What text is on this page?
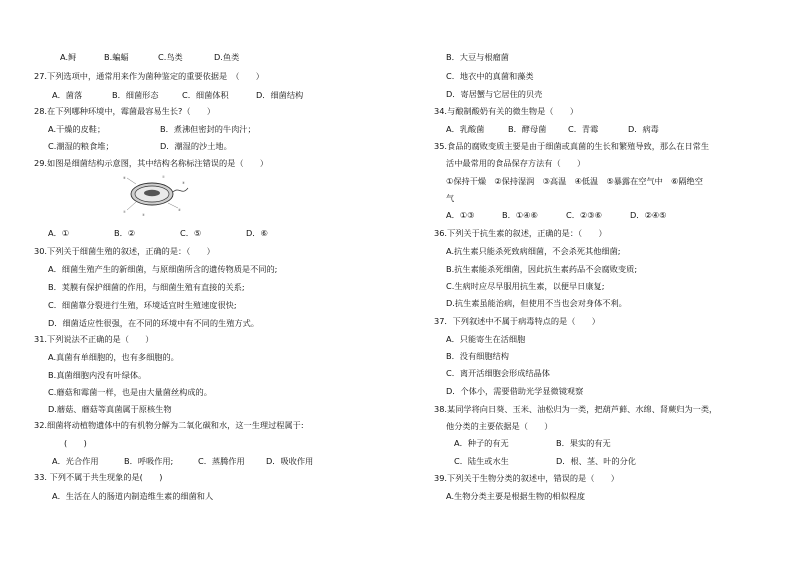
A.鲟	B.蝙蝠	C.鸟类	D.鱼类
27.下列选项中，通常用来作为菌种鉴定的重要依据是　（　　）
A．菌落	B．细菌形态	C．细菌体积	D．细菌结构
28.在下列哪种环境中，霉菌最容易生长?（　　）
A.干燥的皮鞋；	B．煮沸但密封的牛肉汁；
C.潮湿的粮食堆；	D．潮湿的沙土地。
29.如图是细菌结构示意图，其中结构名称标注错误的是（　　）
⑥	①
②
③
④
⑤
A．①	B．②	C．⑤	D．⑥
30.下列关于细菌生殖的叙述，正确的是：（　　）
A．细菌生殖产生的新细菌，与原细菌所含的遗传物质是不同的;
B．荚膜有保护细菌的作用，与细菌生殖有直接的关系;
C．细菌靠分裂进行生殖，环境适宜时生殖速度很快;
D．细菌适应性很强，在不同的环境中有不同的生殖方式。
31.下列说法不正确的是（　　）
A.真菌有单细胞的，也有多细胞的。
B.真菌细胞内没有叶绿体。
C.蘑菇和霉菌一样，也是由大量菌丝构成的。
D.蘑菇、蘑菇等真菌属于原核生物
32.细菌将动植物遗体中的有机物分解为二氧化碳和水，这一生理过程属于:
(　　)
A．光合作用	B．呼吸作用;	C．蒸腾作用	D．吸收作用
33. 下列不属于共生现象的是(　　)
A．生活在人的肠道内制造维生素的细菌和人
B．大豆与根瘤菌
C．地衣中的真菌和藻类
D．寄居蟹与它居住的贝壳
34.与酿制酸奶有关的微生物是（　　）
A．乳酸菌	B．酵母菌	C．青霉	D．病毒
35.食品的腐败变质主要是由于细菌或真菌的生长和繁殖导致，那么在日常生
活中最常用的食品保存方法有（　　）
①保持干燥　②保持湿润　③高温　④低温　⑤暴露在空气中　⑥隔绝空
气
A．①③	B．①④⑥	C．②③⑥	D．②④⑤
36.下列关于抗生素的叙述，正确的是：（　　）
A.抗生素只能杀死致病细菌，不会杀死其他细菌;
B.抗生素能杀死细菌，因此抗生素药品不会腐败变质;
C.生病时应尽早服用抗生素，以便早日康复;
D.抗生素虽能治病，但使用不当也会对身体不利。
37．下列叙述中不属于病毒特点的是（　　）
A．只能寄生在活细胞
B．没有细胞结构
C．离开活细胞会形成结晶体
D．个体小，需要借助光学显微镜观察
38.某同学将向日葵、玉米、油松归为一类，把葫芦藓、水绵、肾蕨归为一类，
他分类的主要依据是（　　）
A．种子的有无	B．果实的有无
C．陆生或水生	D．根、茎、叶的分化
39.下列关于生物分类的叙述中，错误的是（　　）
A.生物分类主要是根据生物的相似程度
